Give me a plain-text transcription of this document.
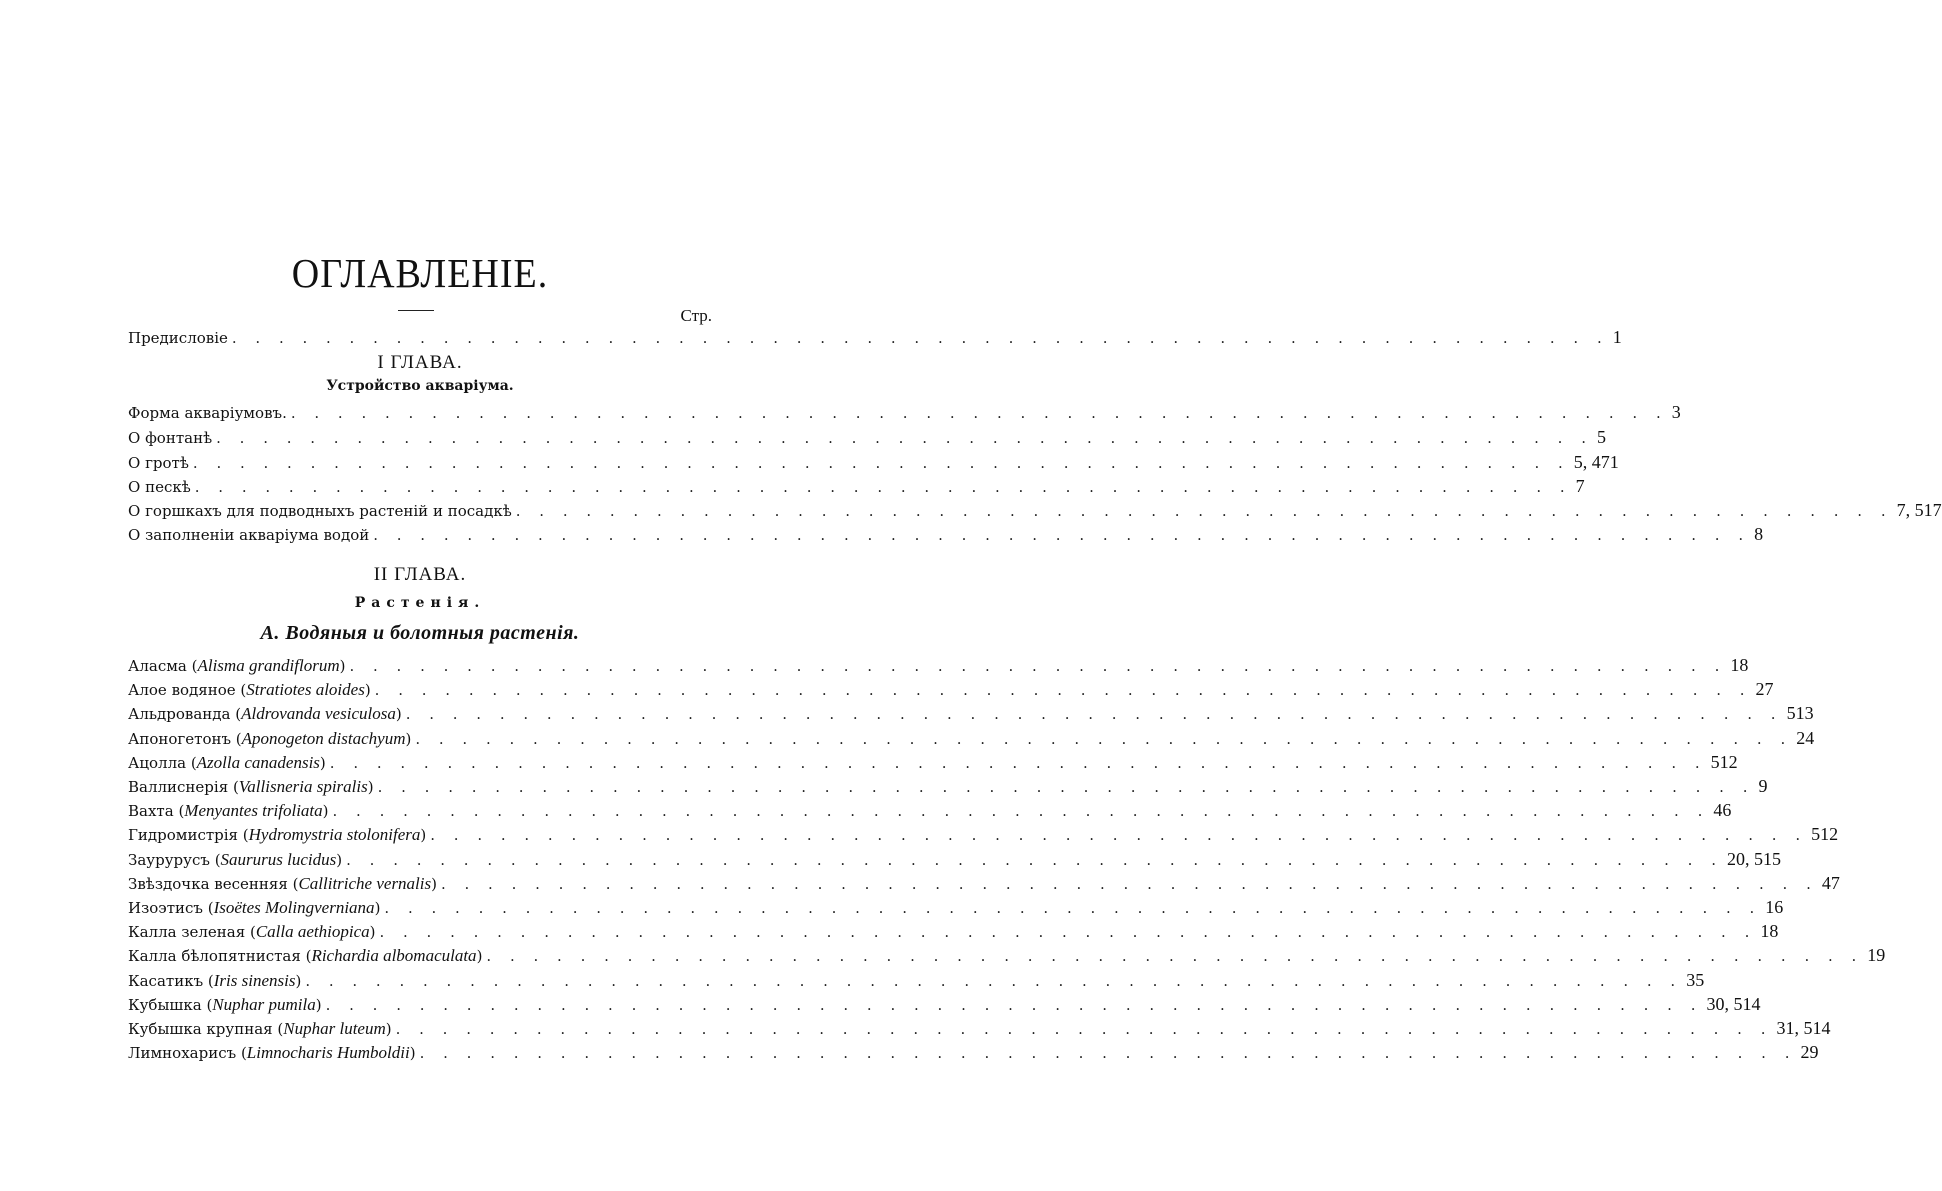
ОГЛАВЛЕНIЕ.
Стр.
Предисловіе . . . . . . . . . . . . . . . . . . . . . . . . . . . . . . . . . . . . . . . . . . . . . . . . . . . . . . . . . . . 1
I ГЛАВА.
Устройство аквapiумa.
Форма аквapiумовъ. . . . . . . . . . . . . . . . . . . . . . . . . . . . . . . . . . . . . . . . . . . . . . . . . . . . . . . . . . . . 3
О фонтанѣ . . . . . . . . . . . . . . . . . . . . . . . . . . . . . . . . . . . . . . . . . . . . . . . . . . . . . . . . . . . 5
О гротѣ . . . . . . . . . . . . . . . . . . . . . . . . . . . . . . . . . . . . . . . . . . . . . . . . . . . . . . . . . . . 5, 471
О пескѣ . . . . . . . . . . . . . . . . . . . . . . . . . . . . . . . . . . . . . . . . . . . . . . . . . . . . . . . . . . . 7
О горшкахъ для подводныхъ растеній и посадкѣ . . . . . . . . . . . . . . . . . . . . . . . . . . . . . . . . . . . . . . . . . . . . . . . . . . . . . . . . . . . 7, 517
О заполненіи акваріума водой . . . . . . . . . . . . . . . . . . . . . . . . . . . . . . . . . . . . . . . . . . . . . . . . . . . . . . . . . . . 8
II ГЛАВА.
Растенія.
А. Водяныя и болотныя растенія.
Аласма (Alisma grandiflorum) . . . . . . . . . . . . . . . . . . . . . . . . . . . . . . . . . . . . . . . . . . . . . . . . . . . . . . . . . . . 18
Алое водяное (Stratiotes aloides) . . . . . . . . . . . . . . . . . . . . . . . . . . . . . . . . . . . . . . . . . . . . . . . . . . . . . . . . . . . 27
Альдрованда (Aldrovanda vesiculosa) . . . . . . . . . . . . . . . . . . . . . . . . . . . . . . . . . . . . . . . . . . . . . . . . . . . . . . . . . . . 513
Апоногетонъ (Aponogeton distachyum) . . . . . . . . . . . . . . . . . . . . . . . . . . . . . . . . . . . . . . . . . . . . . . . . . . . . . . . . . . . 24
Ацолла (Azolla canadensis) . . . . . . . . . . . . . . . . . . . . . . . . . . . . . . . . . . . . . . . . . . . . . . . . . . . . . . . . . . . 512
Валлиснерія (Vallisneria spiralis) . . . . . . . . . . . . . . . . . . . . . . . . . . . . . . . . . . . . . . . . . . . . . . . . . . . . . . . . . . . 9
Вахта (Menyantes trifoliata) . . . . . . . . . . . . . . . . . . . . . . . . . . . . . . . . . . . . . . . . . . . . . . . . . . . . . . . . . . . 46
Гидромистрія (Hydromystria stolonifera) . . . . . . . . . . . . . . . . . . . . . . . . . . . . . . . . . . . . . . . . . . . . . . . . . . . . . . . . . . . 512
Заурурусъ (Saururus lucidus) . . . . . . . . . . . . . . . . . . . . . . . . . . . . . . . . . . . . . . . . . . . . . . . . . . . . . . . . . . . 20, 515
Звѣздочка весенняя (Callitriche vernalis) . . . . . . . . . . . . . . . . . . . . . . . . . . . . . . . . . . . . . . . . . . . . . . . . . . . . . . . . . . . 47
Изоэтисъ (Isoëtes Molingverniana) . . . . . . . . . . . . . . . . . . . . . . . . . . . . . . . . . . . . . . . . . . . . . . . . . . . . . . . . . . . 16
Калла зеленая (Calla aethiopica) . . . . . . . . . . . . . . . . . . . . . . . . . . . . . . . . . . . . . . . . . . . . . . . . . . . . . . . . . . . 18
Калла бѣлопятнистая (Richardia albomaculata) . . . . . . . . . . . . . . . . . . . . . . . . . . . . . . . . . . . . . . . . . . . . . . . . . . . . . . . . . . . 19
Касатикъ (Iris sinensis) . . . . . . . . . . . . . . . . . . . . . . . . . . . . . . . . . . . . . . . . . . . . . . . . . . . . . . . . . . . 35
Кубышка (Nuphar pumila) . . . . . . . . . . . . . . . . . . . . . . . . . . . . . . . . . . . . . . . . . . . . . . . . . . . . . . . . . . . 30, 514
Кубышка крупная (Nuphar luteum) . . . . . . . . . . . . . . . . . . . . . . . . . . . . . . . . . . . . . . . . . . . . . . . . . . . . . . . . . . . 31, 514
Лимнохарисъ (Limnocharis Humboldii) . . . . . . . . . . . . . . . . . . . . . . . . . . . . . . . . . . . . . . . . . . . . . . . . . . . . . . . . . . . 29
